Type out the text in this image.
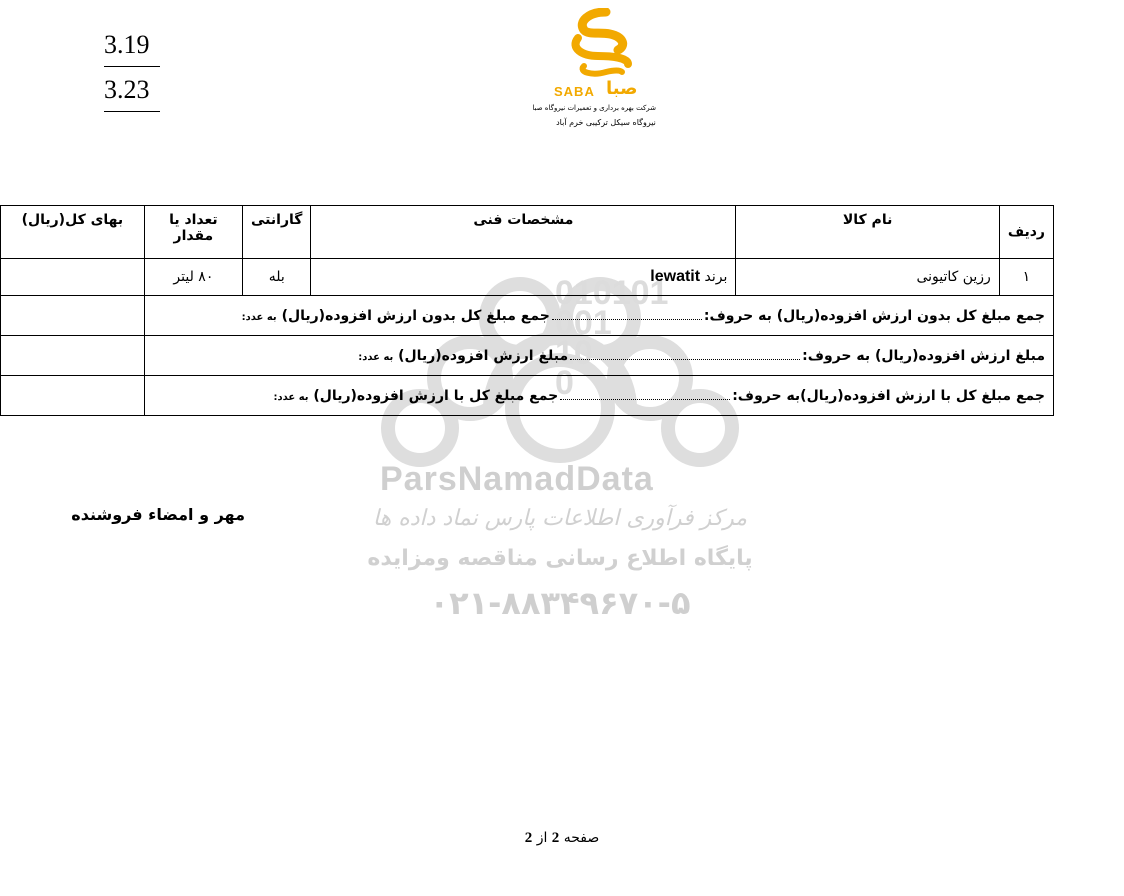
3.19
3.23	SABA صبا
شرکت بهره برداری و تعمیرات نیروگاه صبا
نیروگاه سیکل ترکیبی خرم آباد
010101
001
10
0
ParsNamadData
مرکز فرآوری اطلاعات پارس نماد داده ها
پایگاه اطلاع رسانی مناقصه ومزایده
۰۲۱-۸۸۳۴۹۶۷۰-۵
ردیف	نام کالا	مشخصات فنی	گارانتی	تعداد یا مقدار	بهای کل(ریال)
۱	رزین کاتیونی	برند lewatit	بله	۸۰ لیتر	
جمع مبلغ کل بدون ارزش افزوده(ریال) به حروف:جمع مبلغ کل بدون ارزش افزوده(ریال) به عدد:					
مبلغ ارزش افزوده(ریال) به حروف:مبلغ ارزش افزوده(ریال) به عدد:					
جمع مبلغ کل با ارزش افزوده(ریال)به حروف:جمع مبلغ کل با ارزش افزوده(ریال) به عدد:					
مهر و امضاء فروشنده
صفحه 2 از 2
